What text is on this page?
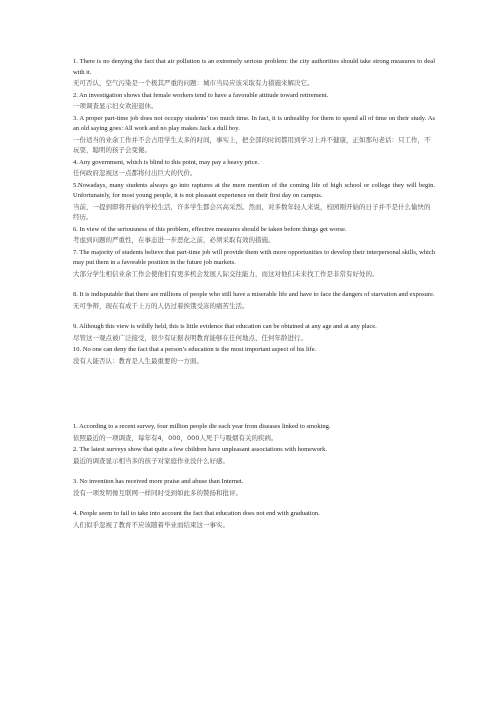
1. There is no denying the fact that air pollution is an extremely serious problem: the city authorities should take strong measures to deal with it.

无可否认，空气污染是一个极其严重的问题：城市当局应该采取有力措施来解决它。

2. An investigation shows that female workers tend to have a favorable attitude toward retirement.

一项调查显示妇女欢迎退休。

3. A proper part-time job does not occupy students’ too much time. In fact, it is unhealthy for them to spend all of time on their study. As an old saying goes: All work and no play makes Jack a dull boy.

一份适当的业余工作并不会占用学生太多的时间，事实上，把全部的时间都用到学习上并不健康，正如那句老话：只工作，不玩耍，聪明的孩子会变傻。

4. Any government, which is blind to this point, may pay a heavy price.

任何政府忽视这一点都将付出巨大的代价。

5.Nowadays, many students always go into raptures at the mere mention of the coming life of high school or college they will begin. Unfortunately, for most young people, it is not pleasant experience on their first day on campus.

当前，一提到即将开始的学校生活，许多学生都会兴高采烈。然而，对多数年轻人来说，校园刚开始的日子并不是什么愉快的经历。

6. In view of the seriousness of this problem, effective measures should be taken before things get worse.

考虑到问题的严重性，在事态进一步恶化之前，必须采取有效的措施。

7. The majority of students believe that part-time job will provide them with more opportunities to develop their interpersonal skills, which may put them in a favorable position in the future job markets.

大部分学生相信业余工作会使他们有更多机会发展人际交往能力，而这对他们未来找工作是非常有好处的。

8. It is indisputable that there are millions of people who still have a miserable life and have to face the dangers of starvation and exposure.

无可争辩，现在有成千上万的人仍过着挨饿受冻的痛苦生活。

9. Although this view is wildly held, this is little evidence that education can be obtained at any age and at any place.

尽管这一观点被广泛接受，很少有证据表明教育能够在任何地点、任何年龄进行。

10. No one can deny the fact that a person’s education is the most important aspect of his life.

没有人能否认：教育是人生最重要的一方面。

1. According to a recent survey, four million people die each year from diseases linked to smoking.

依照最近的一项调查，每年有4，000，000人死于与吸烟有关的疾病。

2. The latest surveys show that quite a few children have unpleasant associations with homework.

最近的调查显示相当多的孩子对家庭作业没什么好感。

3. No invention has received more praise and abuse than Internet.

没有一项发明像互联网一样同时受到如此多的赞扬和批评。

4. People seem to fail to take into account the fact that education does not end with graduation.

人们似乎忽视了教育不应该随着毕业而结束这一事实。
